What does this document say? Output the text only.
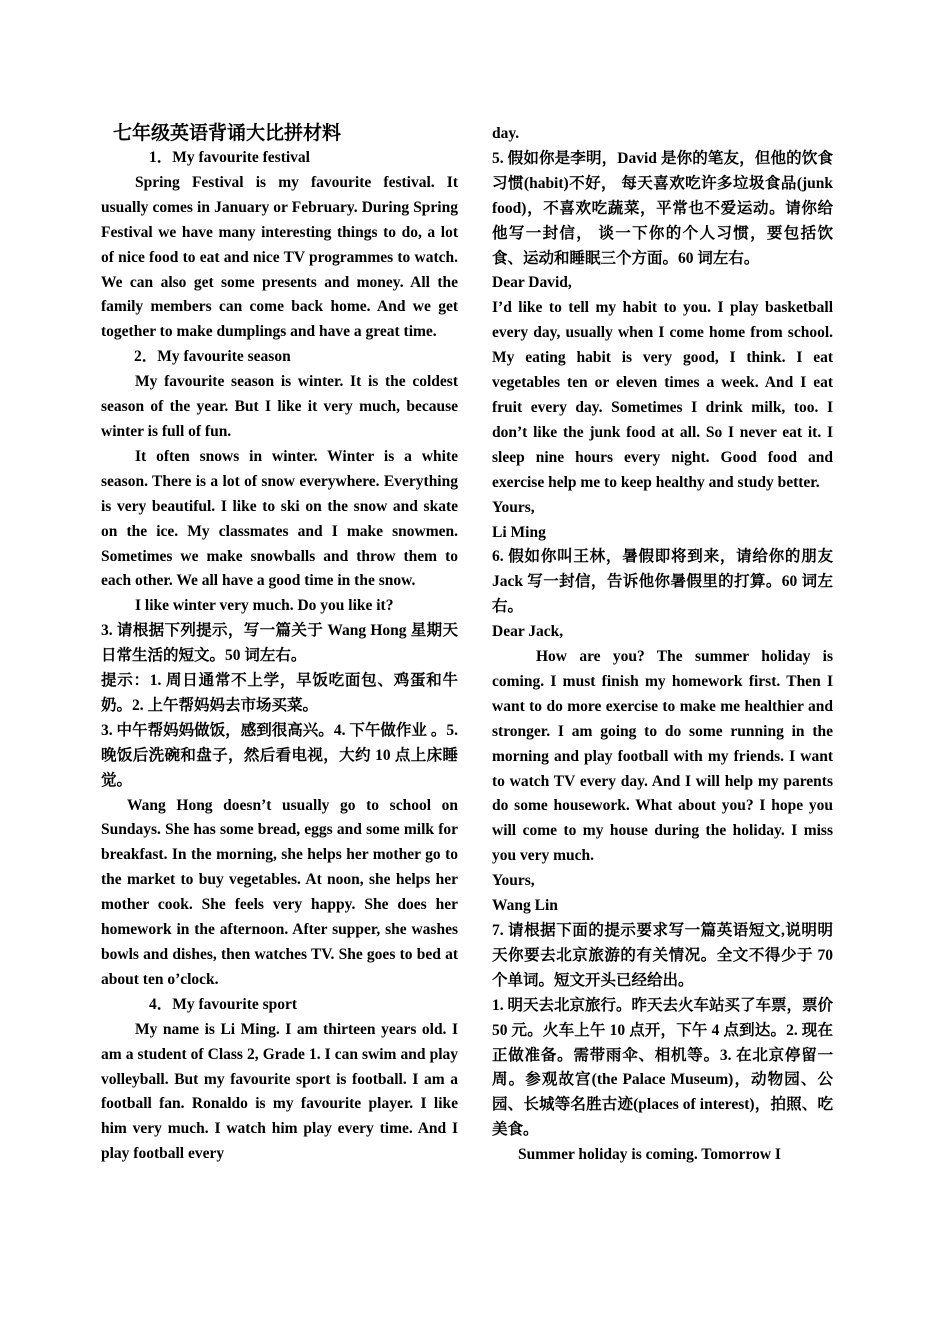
七年级英语背诵大比拼材料

1．My favourite festival

Spring Festival is my favourite festival. It usually comes in January or February. During Spring Festival we have many interesting things to do, a lot of nice food to eat and nice TV programmes to watch. We can also get some presents and money. All the family members can come back home. And we get together to make dumplings and have a great time.

2．My favourite season

My favourite season is winter. It is the coldest season of the year. But I like it very much, because winter is full of fun.

It often snows in winter. Winter is a white season. There is a lot of snow everywhere. Everything is very beautiful. I like to ski on the snow and skate on the ice. My classmates and I make snowmen. Sometimes we make snowballs and throw them to each other. We all have a good time in the snow.

I like winter very much. Do you like it?

3. 请根据下列提示，写一篇关于 Wang Hong 星期天日常生活的短文。50 词左右。

提示：1. 周日通常不上学，早饭吃面包、鸡蛋和牛奶。2. 上午帮妈妈去市场买菜。

3. 中午帮妈妈做饭，感到很高兴。4. 下午做作业 。5. 晚饭后洗碗和盘子，然后看电视，大约 10 点上床睡觉。

Wang Hong doesn’t usually go to school on Sundays. She has some bread, eggs and some milk for breakfast. In the morning, she helps her mother go to the market to buy vegetables. At noon, she helps her mother cook. She feels very happy. She does her homework in the afternoon. After supper, she washes bowls and dishes, then watches TV. She goes to bed at about ten o’clock.

4．My favourite sport

My name is Li Ming. I am thirteen years old. I am a student of Class 2, Grade 1. I can swim and play volleyball. But my favourite sport is football. I am a football fan. Ronaldo is my favourite player. I like him very much. I watch him play every time. And I play football every

day.

5. 假如你是李明，David 是你的笔友，但他的饮食习惯(habit)不好， 每天喜欢吃许多垃圾食品(junk food)，不喜欢吃蔬菜，平常也不爱运动。请你给他写一封信， 谈一下你的个人习惯，要包括饮食、运动和睡眠三个方面。60 词左右。

Dear David,

I’d like to tell my habit to you. I play basketball every day, usually when I come home from school. My eating habit is very good, I think. I eat vegetables ten or eleven times a week. And I eat fruit every day. Sometimes I drink milk, too. I don’t like the junk food at all. So I never eat it. I sleep nine hours every night. Good food and exercise help me to keep healthy and study better.

Yours,

Li Ming

6. 假如你叫王林，暑假即将到来，请给你的朋友 Jack 写一封信，告诉他你暑假里的打算。60 词左右。

Dear Jack,

How are you? The summer holiday is coming. I must finish my homework first. Then I want to do more exercise to make me healthier and stronger. I am going to do some running in the morning and play football with my friends. I want to watch TV every day. And I will help my parents do some housework. What about you? I hope you will come to my house during the holiday. I miss you very much.

Yours,

Wang Lin

7. 请根据下面的提示要求写一篇英语短文,说明明天你要去北京旅游的有关情况。全文不得少于 70 个单词。短文开头已经给出。

1. 明天去北京旅行。昨天去火车站买了车票，票价 50 元。火车上午 10 点开，下午 4 点到达。2. 现在正做准备。需带雨伞、相机等。3. 在北京停留一周。参观故宫(the Palace Museum)，动物园、公园、长城等名胜古迹(places of interest)，拍照、吃美食。

Summer holiday is coming. Tomorrow I
